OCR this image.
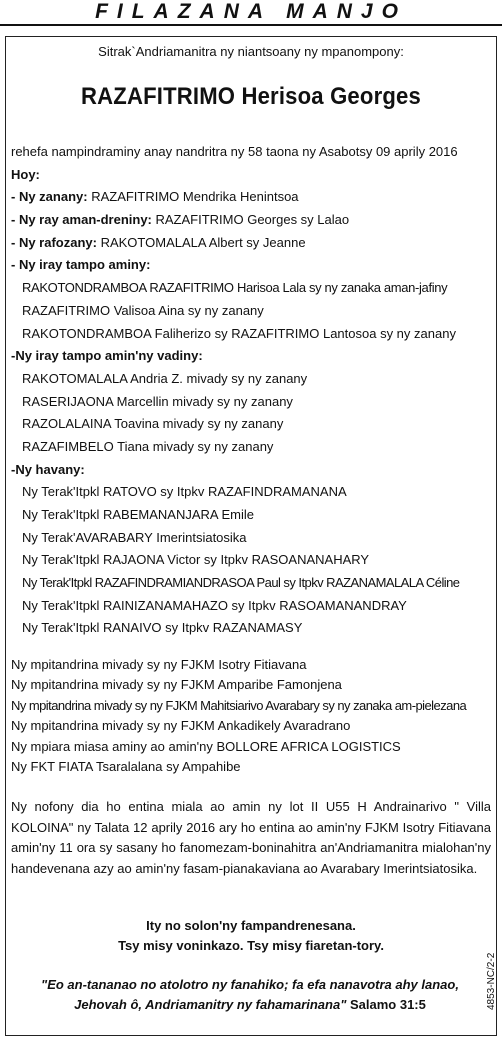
FILAZANA MANJO
Sitrak`Andriamanitra ny niantsoany ny mpanompony:
RAZAFITRIMO Herisoa Georges
rehefa nampindraminy anay nandritra ny 58 taona ny Asabotsy 09 aprily 2016
Hoy:
- Ny zanany: RAZAFITRIMO Mendrika Henintsoa
- Ny ray aman-dreniny: RAZAFITRIMO Georges sy Lalao
- Ny rafozany: RAKOTOMALALA Albert sy Jeanne
- Ny iray tampo aminy:
RAKOTONDRAMBOA RAZAFITRIMO Harisoa Lala sy ny zanaka aman-jafiny
RAZAFITRIMO Valisoa Aina sy ny zanany
RAKOTONDRAMBOA Faliherizo sy RAZAFITRIMO Lantosoa sy ny zanany
-Ny iray tampo amin'ny vadiny:
RAKOTOMALALA Andria Z. mivady sy ny zanany
RASERIJAONA Marcellin mivady sy ny zanany
RAZOLALAINA Toavina mivady sy ny zanany
RAZAFIMBELO Tiana mivady sy ny zanany
-Ny havany:
Ny Terak'Itpkl RATOVO sy Itpkv RAZAFINDRAMANANA
Ny Terak'Itpkl RABEMANANJARA Emile
Ny Terak'AVARABARY Imerintsiatosika
Ny Terak'Itpkl RAJAONA Victor sy Itpkv RASOANANAHARY
Ny Terak'Itpkl RAZAFINDRAMIANDRASOA Paul sy Itpkv RAZANAMALALA Céline
Ny Terak'Itpkl RAINIZANAMAHAZO sy Itpkv RASOAMANANDRAY
Ny Terak'Itpkl RANAIVO sy Itpkv RAZANAMASY
Ny mpitandrina mivady sy ny FJKM Isotry Fitiavana
Ny mpitandrina mivady sy ny FJKM Amparibe Famonjena
Ny mpitandrina mivady sy ny FJKM Mahitsiarivo Avarabary sy ny zanaka am-pielezana
Ny mpitandrina mivady sy ny FJKM Ankadikely Avaradrano
Ny mpiara miasa aminy ao amin'ny BOLLORE AFRICA LOGISTICS
Ny FKT FIATA Tsaralalana sy Ampahibe
Ny nofony dia ho entina miala ao amin ny lot II U55 H Andrainarivo " Villa KOLOINA" ny Talata 12 aprily 2016 ary ho entina ao amin'ny FJKM Isotry Fitiavana amin'ny 11 ora sy sasany ho fanomezam-boninahitra an'Andriamanitra mialohan'ny handevenana azy ao amin'ny fasam-pianakaviana ao Avarabary Imerintsiatosika.
Ity no solon'ny fampandrenesana.
Tsy misy voninkazo. Tsy misy fiaretan-tory.
"Eo an-tananao no atolotro ny fanahiko; fa efa nanavotra ahy lanao,
Jehovah ô, Andriamanitry ny fahamarinana" Salamo 31:5	4853-NC/2-2
